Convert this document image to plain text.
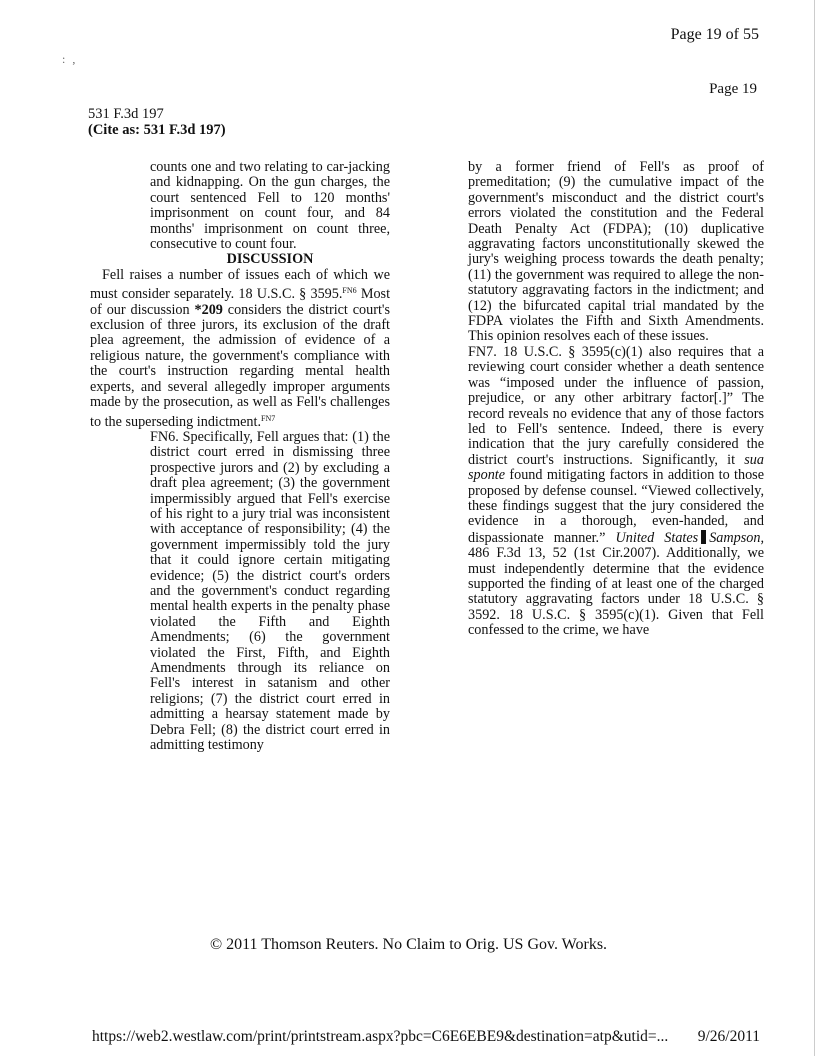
Page 19 of 55
: ,
Page 19
531 F.3d 197
(Cite as: 531 F.3d 197)

counts one and two relating to car-jacking and kidnapping. On the gun charges, the court sentenced Fell to 120 months' imprisonment on count four, and 84 months' imprisonment on count three, consecutive to count four.

DISCUSSION

Fell raises a number of issues each of which we must consider separately. 18 U.S.C. § 3595.$^{FN6}$ Most of our discussion *209 considers the district court's exclusion of three jurors, its exclusion of the draft plea agreement, the admission of evidence of a religious nature, the government's compliance with the court's instruction regarding mental health experts, and several allegedly improper arguments made by the prosecution, as well as Fell's challenges to the superseding indictment.$^{FN7}$

FN6. Specifically, Fell argues that: (1) the district court erred in dismissing three prospective jurors and (2) by excluding a draft plea agreement; (3) the government impermissibly argued that Fell's exercise of his right to a jury trial was inconsistent with acceptance of responsibility; (4) the government impermissibly told the jury that it could ignore certain mitigating evidence; (5) the district court's orders and the government's conduct regarding mental health experts in the penalty phase violated the Fifth and Eighth Amendments; (6) the government violated the First, Fifth, and Eighth Amendments through its reliance on Fell's interest in satanism and other religions; (7) the district court erred in admitting a hearsay statement made by Debra Fell; (8) the district court erred in admitting testimony

by a former friend of Fell's as proof of premeditation; (9) the cumulative impact of the government's misconduct and the district court's errors violated the constitution and the Federal Death Penalty Act (FDPA); (10) duplicative aggravating factors unconstitutionally skewed the jury's weighing process towards the death penalty; (11) the government was required to allege the non-statutory aggravating factors in the indictment; and (12) the bifurcated capital trial mandated by the FDPA violates the Fifth and Sixth Amendments. This opinion resolves each of these issues.

FN7. 18 U.S.C. § 3595(c)(1) also requires that a reviewing court consider whether a death sentence was “imposed under the influence of passion, prejudice, or any other arbitrary factor[.]” The record reveals no evidence that any of those factors led to Fell's sentence. Indeed, there is every indication that the jury carefully considered the district court's instructions. Significantly, it sua sponte found mitigating factors in addition to those proposed by defense counsel. “Viewed collectively, these findings suggest that the jury considered the evidence in a thorough, even-handed, and dispassionate manner.” United States Sampson, 486 F.3d 13, 52 (1st Cir.2007). Additionally, we must independently determine that the evidence supported the finding of at least one of the charged statutory aggravating factors under 18 U.S.C. § 3592. 18 U.S.C. § 3595(c)(1). Given that Fell confessed to the crime, we have

© 2011 Thomson Reuters. No Claim to Orig. US Gov. Works.
https://web2.westlaw.com/print/printstream.aspx?pbc=C6E6EBE9&destination=atp&utid=... 9/26/2011
